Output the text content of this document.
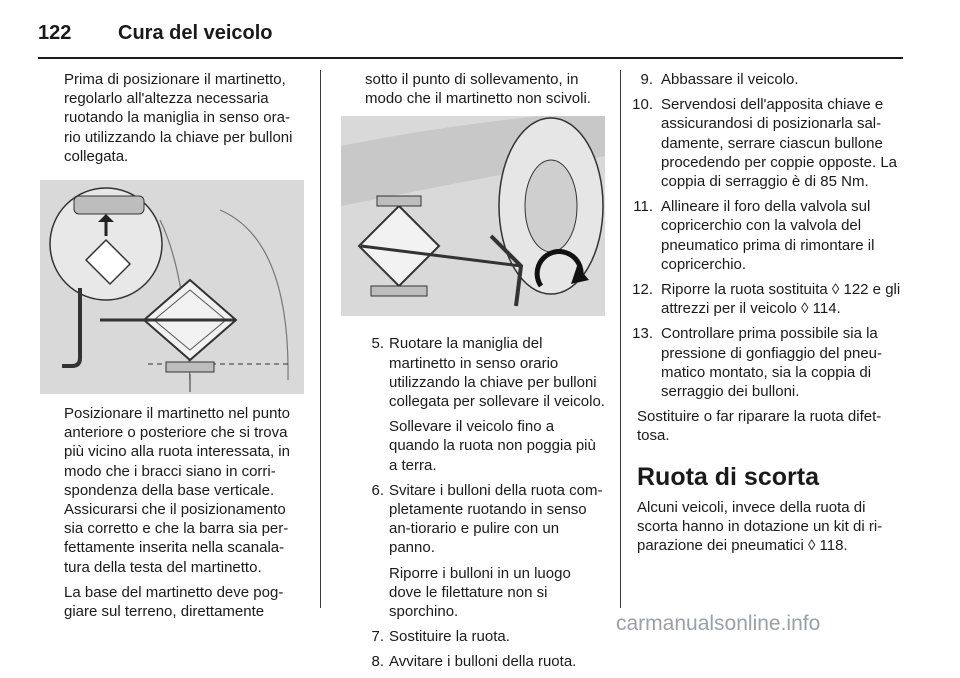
122 Cura del veicolo

Prima di posizionare il martinetto, regolarlo all'altezza necessaria ruotando la maniglia in senso ora-rio utilizzando la chiave per bulloni collegata.

Posizionare il martinetto nel punto anteriore o posteriore che si trova più vicino alla ruota interessata, in modo che i bracci siano in corri-spondenza della base verticale. Assicurarsi che il posizionamento sia corretto e che la barra sia per-fettamente inserita nella scanala-tura della testa del martinetto.

La base del martinetto deve pog-giare sul terreno, direttamente

sotto il punto di sollevamento, in modo che il martinetto non scivoli.

5. Ruotare la maniglia del martinetto in senso orario utilizzando la chiave per bulloni collegata per sollevare il veicolo.
Sollevare il veicolo fino a quando la ruota non poggia più a terra.
6. Svitare i bulloni della ruota com-pletamente ruotando in senso an-tiorario e pulire con un panno.
Riporre i bulloni in un luogo dove le filettature non si sporchino.
7. Sostituire la ruota.
8. Avvitare i bulloni della ruota.
9. Abbassare il veicolo.
10. Servendosi dell'apposita chiave e assicurandosi di posizionarla sal-damente, serrare ciascun bullone procedendo per coppie opposte. La coppia di serraggio è di 85 Nm.
11. Allineare il foro della valvola sul copricerchio con la valvola del pneumatico prima di rimontare il copricerchio.
12. Riporre la ruota sostituita ◊ 122 e gli attrezzi per il veicolo ◊ 114.
13. Controllare prima possibile sia la pressione di gonfiaggio del pneu-matico montato, sia la coppia di serraggio dei bulloni.

Sostituire o far riparare la ruota difet-tosa.

Ruota di scorta

Alcuni veicoli, invece della ruota di scorta hanno in dotazione un kit di ri-parazione dei pneumatici ◊ 118.

carmanualsonline.info
